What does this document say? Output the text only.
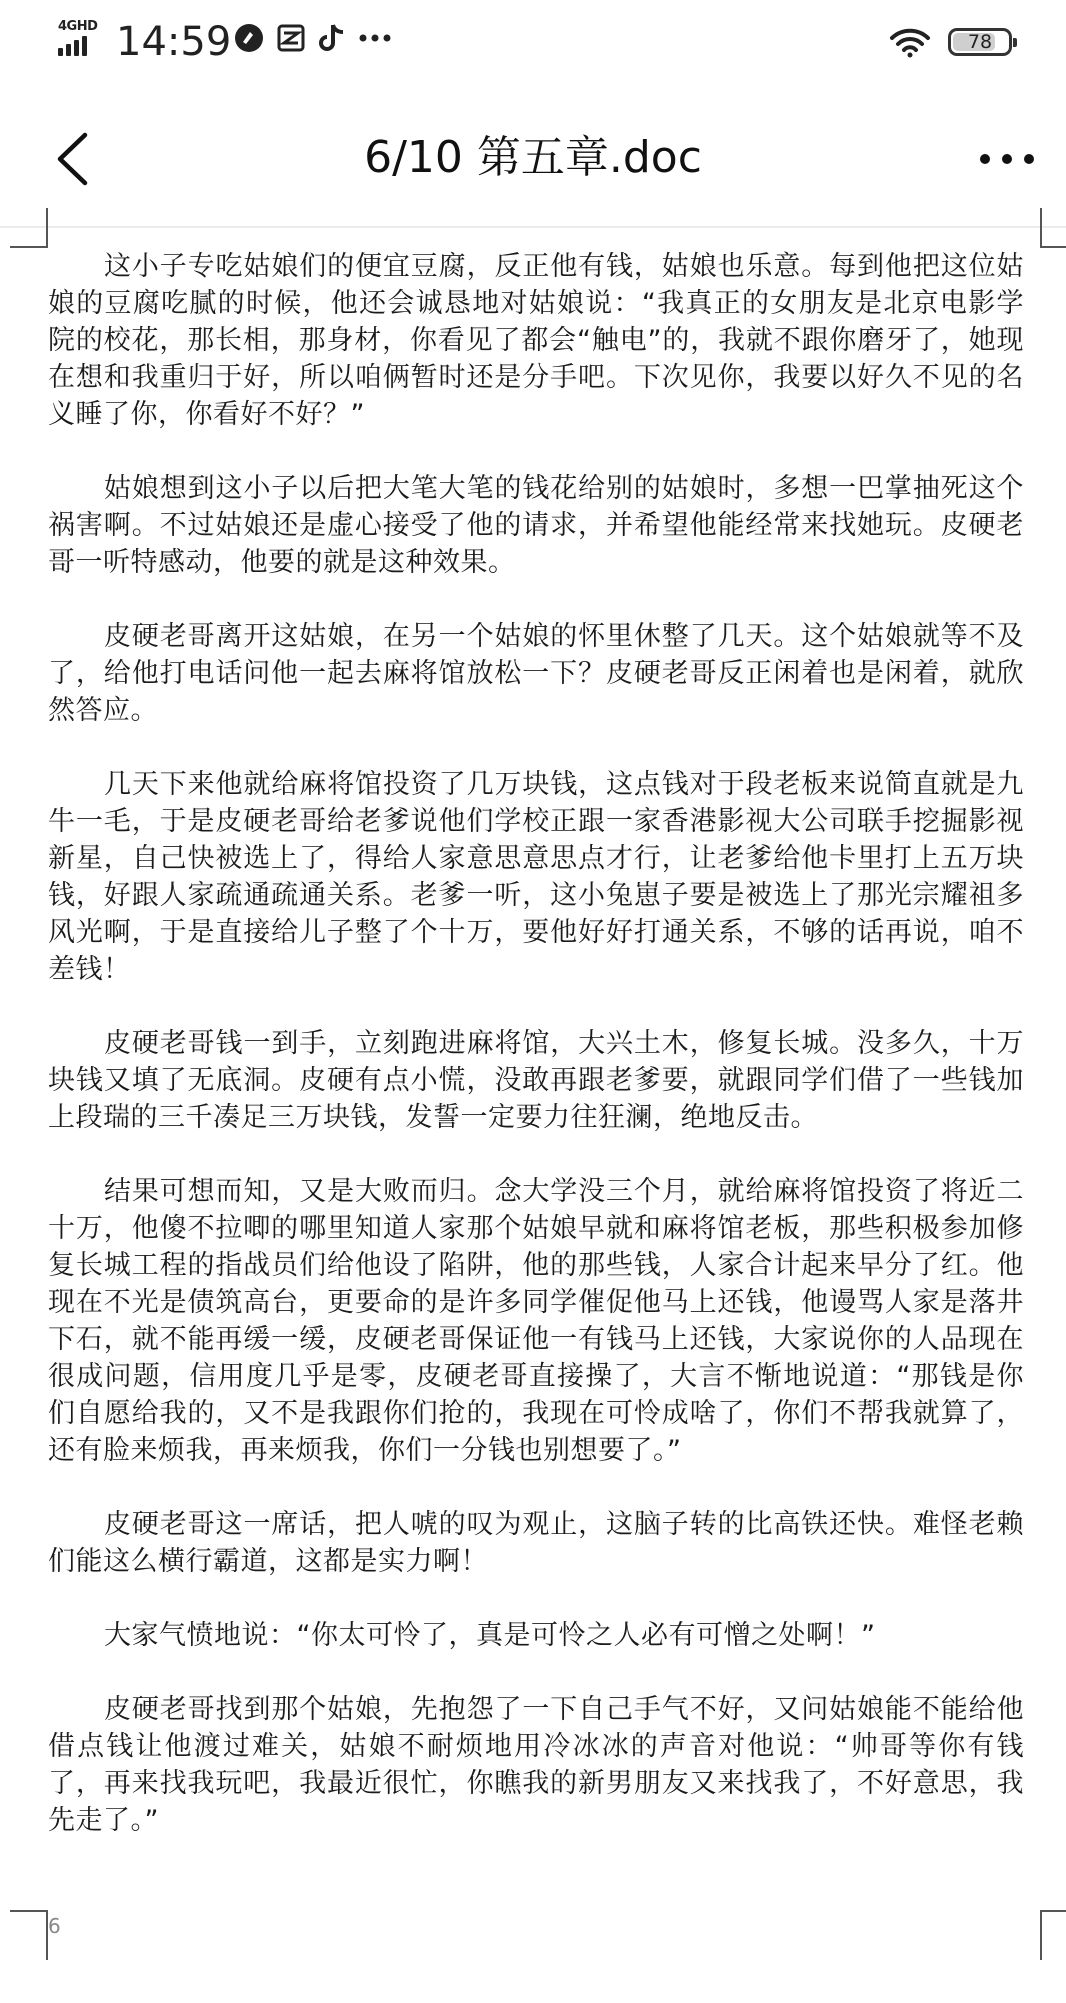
4GHD 14:59	78
6/10 第五章.doc

这小子专吃姑娘们的便宜豆腐，反正他有钱，姑娘也乐意。每到他把这位姑娘的豆腐吃腻的时候，他还会诚恳地对姑娘说：“我真正的女朋友是北京电影学院的校花，那长相，那身材，你看见了都会“触电”的，我就不跟你磨牙了，她现在想和我重归于好，所以咱俩暂时还是分手吧。下次见你，我要以好久不见的名义睡了你，你看好不好？”

姑娘想到这小子以后把大笔大笔的钱花给别的姑娘时，多想一巴掌抽死这个祸害啊。不过姑娘还是虚心接受了他的请求，并希望他能经常来找她玩。皮硬老哥一听特感动，他要的就是这种效果。

皮硬老哥离开这姑娘，在另一个姑娘的怀里休整了几天。这个姑娘就等不及了，给他打电话问他一起去麻将馆放松一下？皮硬老哥反正闲着也是闲着，就欣然答应。

几天下来他就给麻将馆投资了几万块钱，这点钱对于段老板来说简直就是九牛一毛，于是皮硬老哥给老爹说他们学校正跟一家香港影视大公司联手挖掘影视新星，自己快被选上了，得给人家意思意思点才行，让老爹给他卡里打上五万块钱，好跟人家疏通疏通关系。老爹一听，这小兔崽子要是被选上了那光宗耀祖多风光啊，于是直接给儿子整了个十万，要他好好打通关系，不够的话再说，咱不差钱！

皮硬老哥钱一到手，立刻跑进麻将馆，大兴土木，修复长城。没多久，十万块钱又填了无底洞。皮硬有点小慌，没敢再跟老爹要，就跟同学们借了一些钱加上段瑞的三千凑足三万块钱，发誓一定要力往狂澜，绝地反击。

结果可想而知，又是大败而归。念大学没三个月，就给麻将馆投资了将近二十万，他傻不拉唧的哪里知道人家那个姑娘早就和麻将馆老板，那些积极参加修复长城工程的指战员们给他设了陷阱，他的那些钱，人家合计起来早分了红。他现在不光是债筑高台，更要命的是许多同学催促他马上还钱，他谩骂人家是落井下石，就不能再缓一缓，皮硬老哥保证他一有钱马上还钱，大家说你的人品现在很成问题，信用度几乎是零，皮硬老哥直接操了，大言不惭地说道：“那钱是你们自愿给我的，又不是我跟你们抢的，我现在可怜成啥了，你们不帮我就算了，还有脸来烦我，再来烦我，你们一分钱也别想要了。”

皮硬老哥这一席话，把人唬的叹为观止，这脑子转的比高铁还快。难怪老赖们能这么横行霸道，这都是实力啊！

大家气愤地说：“你太可怜了，真是可怜之人必有可憎之处啊！”

皮硬老哥找到那个姑娘，先抱怨了一下自己手气不好，又问姑娘能不能给他借点钱让他渡过难关，姑娘不耐烦地用冷冰冰的声音对他说：“帅哥等你有钱了，再来找我玩吧，我最近很忙，你瞧我的新男朋友又来找我了，不好意思，我先走了。”

6
